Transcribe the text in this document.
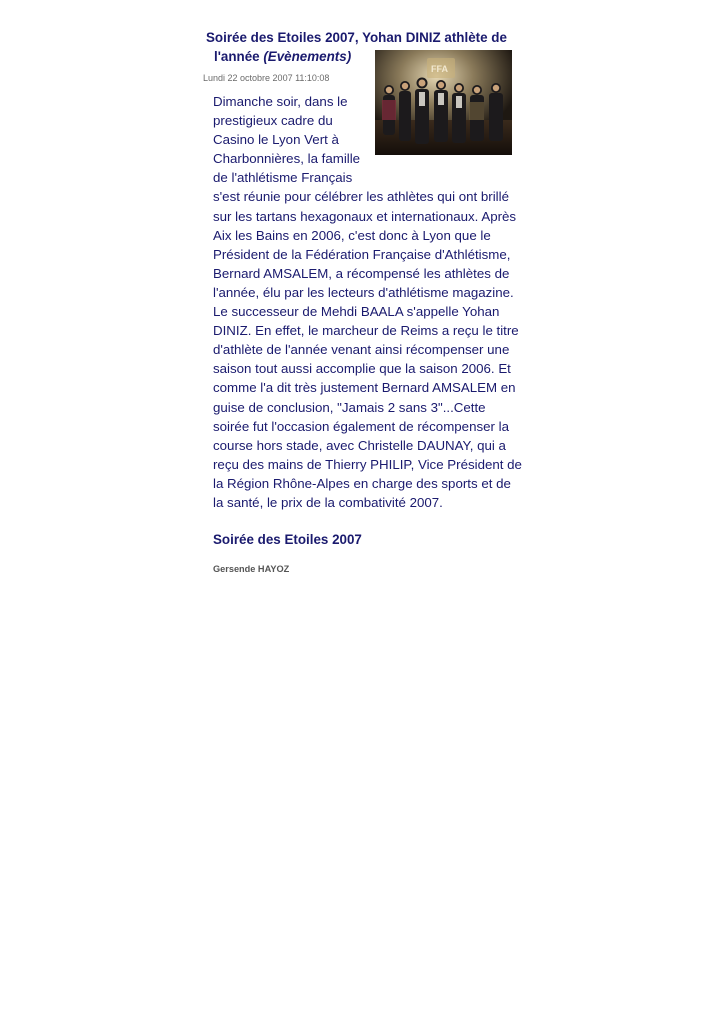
Soirée des Etoiles 2007, Yohan DINIZ athlète de
l'année (Evènements)
Lundi 22 octobre 2007 11:10:08
FFA

Dimanche soir, dans le prestigieux cadre du Casino le Lyon Vert à Charbonnières, la famille de l'athlétisme Français s'est réunie pour célébrer les athlètes qui ont brillé sur les tartans hexagonaux et internationaux. Après Aix les Bains en 2006, c'est donc à Lyon que le Président de la Fédération Française d'Athlétisme, Bernard AMSALEM, a récompensé les athlètes de l'année, élu par les lecteurs d'athlétisme magazine. Le successeur de Mehdi BAALA s'appelle Yohan DINIZ. En effet, le marcheur de Reims a reçu le titre d'athlète de l'année venant ainsi récompenser une saison tout aussi accomplie que la saison 2006. Et comme l'a dit très justement Bernard AMSALEM en guise de conclusion, "Jamais 2 sans 3"...Cette soirée fut l'occasion également de récompenser la course hors stade, avec Christelle DAUNAY, qui a reçu des mains de Thierry PHILIP, Vice Président de la Région Rhône-Alpes en charge des sports et de la santé, le prix de la combativité 2007.

Soirée des Etoiles 2007
Gersende HAYOZ
